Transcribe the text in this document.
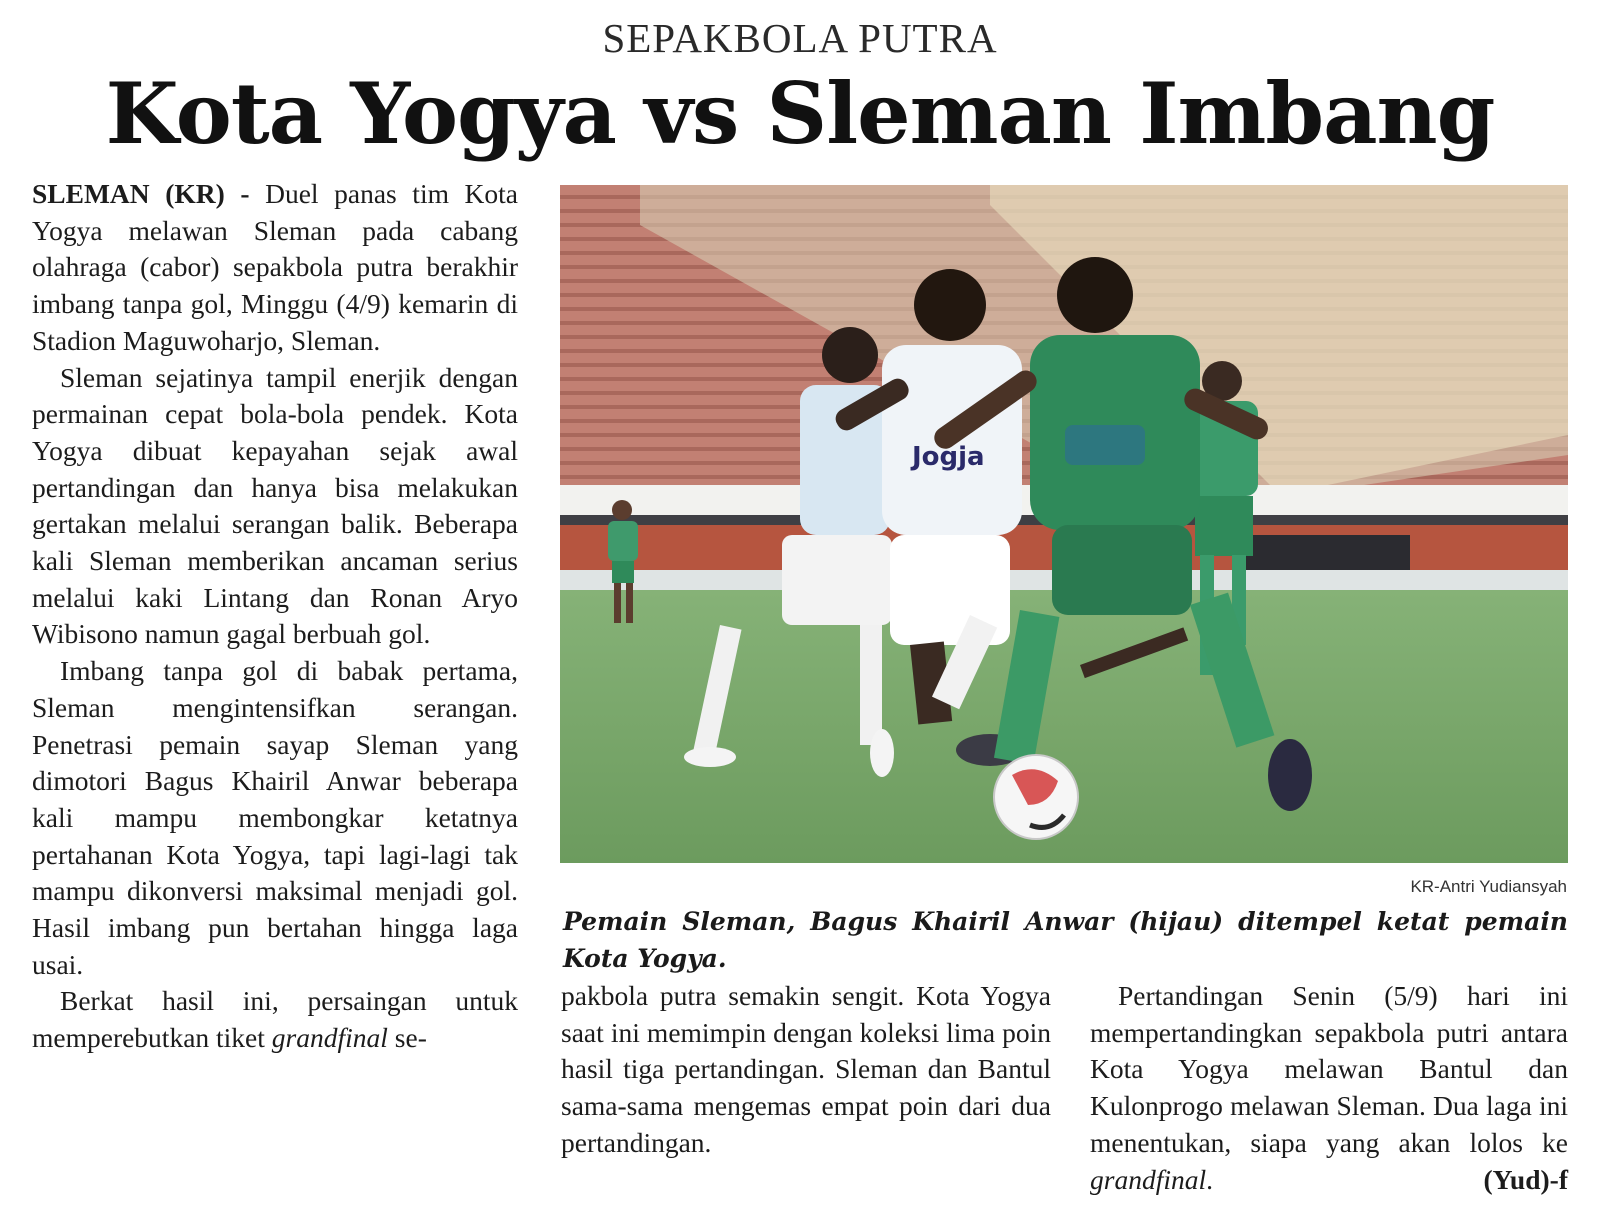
SEPAKBOLA PUTRA
Kota Yogya vs Sleman Imbang

SLEMAN (KR) - Duel panas tim Kota Yogya melawan Sleman pada cabang olahraga (cabor) sepakbola putra berakhir imbang tanpa gol, Minggu (4/9) kemarin di Stadion Maguwoharjo, Sleman.

Sleman sejatinya tampil enerjik dengan permainan cepat bola-bola pendek. Kota Yogya dibuat kepayahan sejak awal pertandingan dan hanya bisa melakukan gertakan melalui serangan balik. Beberapa kali Sleman memberikan ancaman serius melalui kaki Lintang dan Ronan Aryo Wibisono namun gagal berbuah gol.

Imbang tanpa gol di babak pertama, Sleman mengintensifkan serangan. Penetrasi pemain sayap Sleman yang dimotori Bagus Khairil Anwar beberapa kali mampu membongkar ketatnya pertahanan Kota Yogya, tapi lagi-lagi tak mampu dikonversi maksimal menjadi gol. Hasil imbang pun bertahan hingga laga usai.

Berkat hasil ini, persaingan untuk memperebutkan tiket grandfinal se-

Jogja
KR-Antri Yudiansyah
Pemain Sleman, Bagus Khairil Anwar (hijau) ditempel ketat pemain Kota Yogya.

pakbola putra semakin sengit. Kota Yogya saat ini memimpin dengan koleksi lima poin hasil tiga pertandingan. Sleman dan Bantul sama-sama mengemas empat poin dari dua pertandingan.

Pertandingan Senin (5/9) hari ini mempertandingkan sepakbola putri antara Kota Yogya melawan Bantul dan Kulonprogo melawan Sleman. Dua laga ini menentukan, siapa yang akan lolos ke grandfinal.	(Yud)-f
